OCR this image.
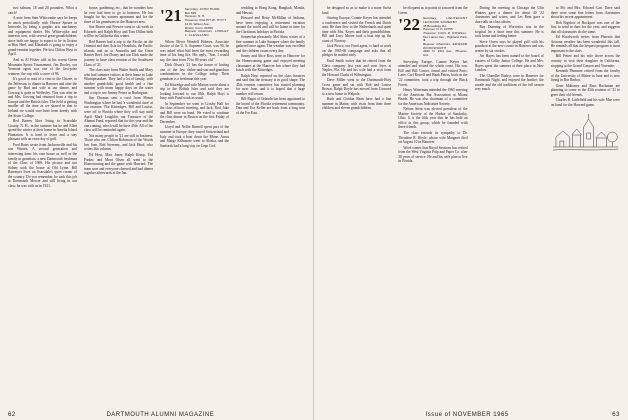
two salmon, 18 and 20 pounders. What a catch!

A note from Sam Whitcombe says he keeps in touch periodically with Horace Speare in Intervale, by being a graphic arts machinery and equipment dealer. His White-ojike and interests now, with several great-grandchildren, since both are happy to expect to be in Groton at Hint Heel, and Elizabeth is going to enjoy a grand-reunion together. We lost Clifton Hoyt in April.

And as Al Fisher told in his recent Green Mountain Sports Tournament, Jim Dooley, our Vermont agent was one of the first-prize winners: the cup with a score of 96.

It's good to read of a visit to the Chizee, to the Jefferson, to dinner in Hanover and after the game by Bud and wife at our dinner, and Gowing is quite in Wellesley. This was after he and Mrs. Gowing had returned from a trip to Europe and the British Isles. The field is getting smaller all the time as we shared in that to Ireland we would sure have been keenly with the Sister College.

Red Barnes likes living in Scarsdale County, N. H., in the summer but he and Ellen spend the winter at their home in Amelia Island Plantation. It is hard to leave and a stay pleasant with an extra day of golf.

Fred Bates wrote from Jacksonville and his son Warren. A second generation and interesting item: his own house as well as the family in grandson, a new Dartmouth freshman of the Class of 1969. His picture and son Sidney took the house at Old Lyme. Bill Batemyer lives on Scarsdale's quiet corner of the country. Do you remember, he took this job at Dartmouth Mercer and still living in our class; he was with us in 1921.

house, gardening, etc., that he wonders how he ever had time to go to business. He has bought for his winters apartment and for the three of his grandsons in the Hanover area.

Sue Baxter and Peewee went to ski week in Edwards and Ralph Hoyt and Tom Dillon both will be in California this winter.

Red Barnes had a trip to the Pacific on the Oriental and then Asia for Honolulu, the Pacific islands, and on to Australia and the Great Barrier Reef. Joe Doney and son Dick made the journey to have class reunion of the Southwest Class of '21.

The class note from Walter Smith and Mary who had summer visitors at their home in Lake Winnipesaukee. They had a lot of family, with another grandchild, good health and a fine summer with many happy days on the water and a trip to see Jimmy Peters in Burlington.

Jim Doonan sent a card from Mount Washington where he had 'a wonderful time' at our reunion. The Kittredges, Bill and Louise, were off to Florida where they will stay until April. Mark Loughlin, our Treasurer of the Alumni Fund, reported that for this year and the one coming, which will be their 45th. All of the class will be reminded again.

Not many people in '21 are still in business. Those who are: Clifton Robinson of the Woods law firm, Bob Sweeney, and Jack Hurd, who writes this column.

Ed Hoyt, Mart Jones, Ralph Kemp, Ted Parker, and Mont Olsen all went to the Homecoming and the game with Harvard. The team won and everyone cheered and had dinner together afterwards at the Inn.

'21 Secretary, JOHN HURD
Box 925
Hanover, N. H.
Treasurer, RALPH W. HOYT
12 W. Wilson Ave.,
Mystic, Conn. 06355
Bequest Chairman, LINDLEY J. CLEVELAND

When Oliver Wendell Holmes, Associate Justice of the U. S. Supreme Court, was 90, he was asked what had been the most rewarding time of his long life. His reply, "Son, I would say, the time from 70 to 80 years old."

Dick Olson's '21 has the honor of having one of the few father-and-son-and-grandson combinations in the College today. Their grandson is a freshman this year.

Ed Kittredge and wife Marion wrote about a trip to the British Isles and said they are looking forward to our 45th. Ralph Hoyt is busy with Fund work as usual.

In September we went to Crosby Hall for the class officers' meeting, and Jack, Rod, Jake and Bill were on hand. We voted to continue the class dinner in Boston on the first Friday of December.

Lloyd and Nellie Burnell spent part of the summer in Europe; they toured Switzerland and Italy and took a boat down the Rhine. Amos and Marge Kilbourne went to Alaska, and the Sanfords had a long stay on Cape Cod.

wedding to Hong Kong, Bangkok, Manila, and Hawaii.

Howard and Betty McMillan of Indiana, have been enjoying a retirement vacation around the world and will be home in time for the Christmas holidays in Florida.

Somewhat pleasantly Mel Shaw writes of a fine summer at Lake Sunapee where the family gathered once again. The weather was excellent and the children swam every day.

Sonny and Alice Ross were in Hanover for the Homecoming game and enjoyed meeting classmates at the Hanover Inn where they had lunch with the Kittredges.

Ralph Hoyt reported on the class finances and said that the treasury is in good shape. The 45th reunion committee has started planning for next June, and it is hoped that a large number will return.

Bill Bagot of Orlando has been appointed to the board of the Florida retirement community. Dan and Eva Keller are back from a long tour of the Far East.

62	DARTMOUTH ALUMNI MAGAZINE

be designed so as to make it a more Swiss kind.

Stirring Europe, Connie Keyes has attended a conference and visited the French and Dutch area. He then flew to the Netherlands and spent time with Mrs. Keyes and their grandchildren. Bill and Lucy Moore took a boat trip up the coast of Norway.

Jack Pierce, our Fund agent, is hard at work on the 1965-66 campaign and asks that all pledges be mailed early.

Emil Smith writes that he retired from the Glass company last year and now lives at Naples, Fla. He and his wife had a visit from the Howard Clarks of Wilmington.

Dave Miller went to the Dartmouth-Holy Cross game and sat with Bob and Louise Brown. Ralph Doyle has moved from Concord to a new home in Walpole.

Ruth and Gordon Bean have had a fine summer in Maine, with visits from their three children and eleven grandchildren.

be eloquent as to points to a marvel from the Green.

'22 Secretary,	LIEUTENANT LEONARD SOMERBY
45 Broadway Rd.
Hanover, N. H. 03755
Treasurer, CARL R. ROWELL
511 Laurel Ave., Highland Park, Ill.
Bequest Chairman, EDWARD WOODWORTH
4640 N. 23rd Ave., Phoenix, Ariz.

Surveying Europe, Connie Keyes has attended and visited the whole coast. His son, Bill and Bill Conter, found and visited Paris. Later, Carl Rowell and Hank Peters, both on the '22 committee, took a trip through the Black Forest.

Henry Waterman attended the 1965 meeting of the American Bar Association at Miami Beach. He was also chairman of a committee for the American Judicature Society.

Nelson Stein was elected president of the Marine Society of the Harbor of Sandusky, Ohio. It is the fifth year that he has held an office in this group, which he founded with three friends.

The class extends its sympathy to Dr. Theodore R. Hoyle, whose wife Margaret died on August 10 in Hanover.

Word comes that Royal Sessions has retired from the West Virginia Pulp and Paper Co. after 38 years of service. He and his wife plan to live in Florida.

During the meeting in Chicago the Ulin Winters gave a dinner for about 40 '22 classmates and wives, and Les Bent gave a short talk on class affairs.

Ray Dunning of Worcester was in the hospital for a short time this summer. He is back home and feeling better.

Steve Owen says he played golf with his grandson at the new course in Hanover and was beaten by six strokes.

Art Hayes has been named to the board of trustees of Colby Junior College. He and Mrs. Hayes spent the summer at their place in New London.

The Chandler Bixbys were in Hanover for Dartmouth Night, and enjoyed the bonfire, the parade and the old traditions of the fall season very much.

to Mr. and Mrs. Edward Carr. Dave said there were some fine letters from classmates about his recent appointment.

Bob Bigelow of Rockport was one of the first to send in dues for the year, and suggests that all classmates do the same.

Ed Woodworth writes from Phoenix that Arizona weather has been wonderful this fall. He reminds all that the bequest program is most important to the class.

Bill Pettee and his wife drove across the country to visit their daughter in California, stopping at the Grand Canyon and Yosemite.

Kenneth Plummer retired from the faculty of the University of Maine in June and is now living in Bar Harbor.

Gene Mahoney and Russ Buchanan are planning to come to the 45th reunion of '21 to greet their old friends.

Charles R. Littlefield and his wife Mae were on hand for the Harvard game.

Issue of NOVEMBER 1965	63
